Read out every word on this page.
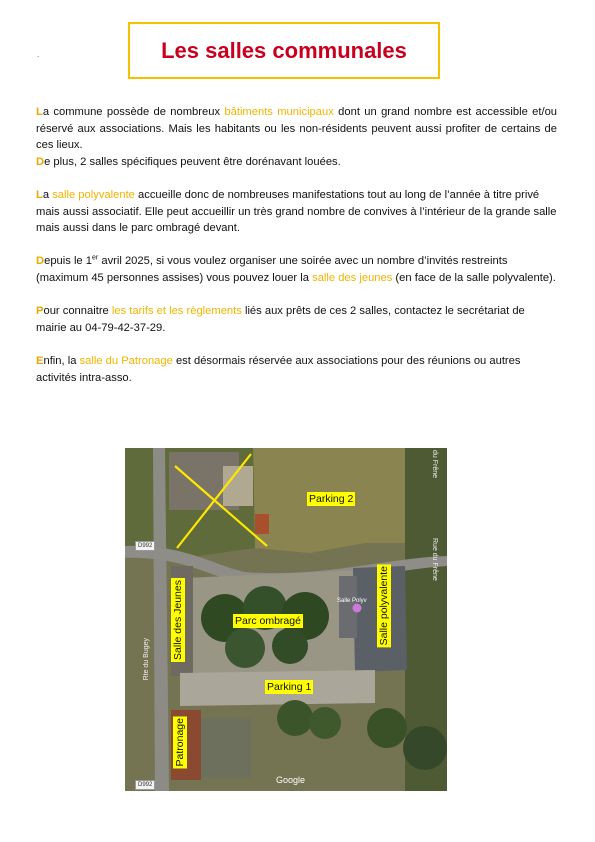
.	Les salles communales

La commune possède de nombreux bâtiments municipaux dont un grand nombre est accessible et/ou réservé aux associations. Mais les habitants ou les non-résidents peuvent aussi profiter de certains de ces lieux.

De plus, 2 salles spécifiques peuvent être dorénavant louées.

La salle polyvalente accueille donc de nombreuses manifestations tout au long de l’année à titre privé mais aussi associatif. Elle peut accueillir un très grand nombre de convives à l’intérieur de la grande salle mais aussi dans le parc ombragé devant.

Depuis le 1er avril 2025, si vous voulez organiser une soirée avec un nombre d’invités restreints (maximum 45 personnes assises) vous pouvez louer la salle des jeunes (en face de la salle polyvalente).

Pour connaitre les tarifs et les règlements liés aux prêts de ces 2 salles, contactez le secrétariat de mairie au 04-79-42-37-29.

Enfin, la salle du Patronage est désormais réservée aux associations pour des réunions ou autres activités intra-asso.

Parking 2
Parc ombragé
Parking 1
Salle des Jeunes	Salle polyvalente
Patronage
D992
D992
Rte du Bugey
Rue du Frêne
du Frêne
Salle Polyv
Google
